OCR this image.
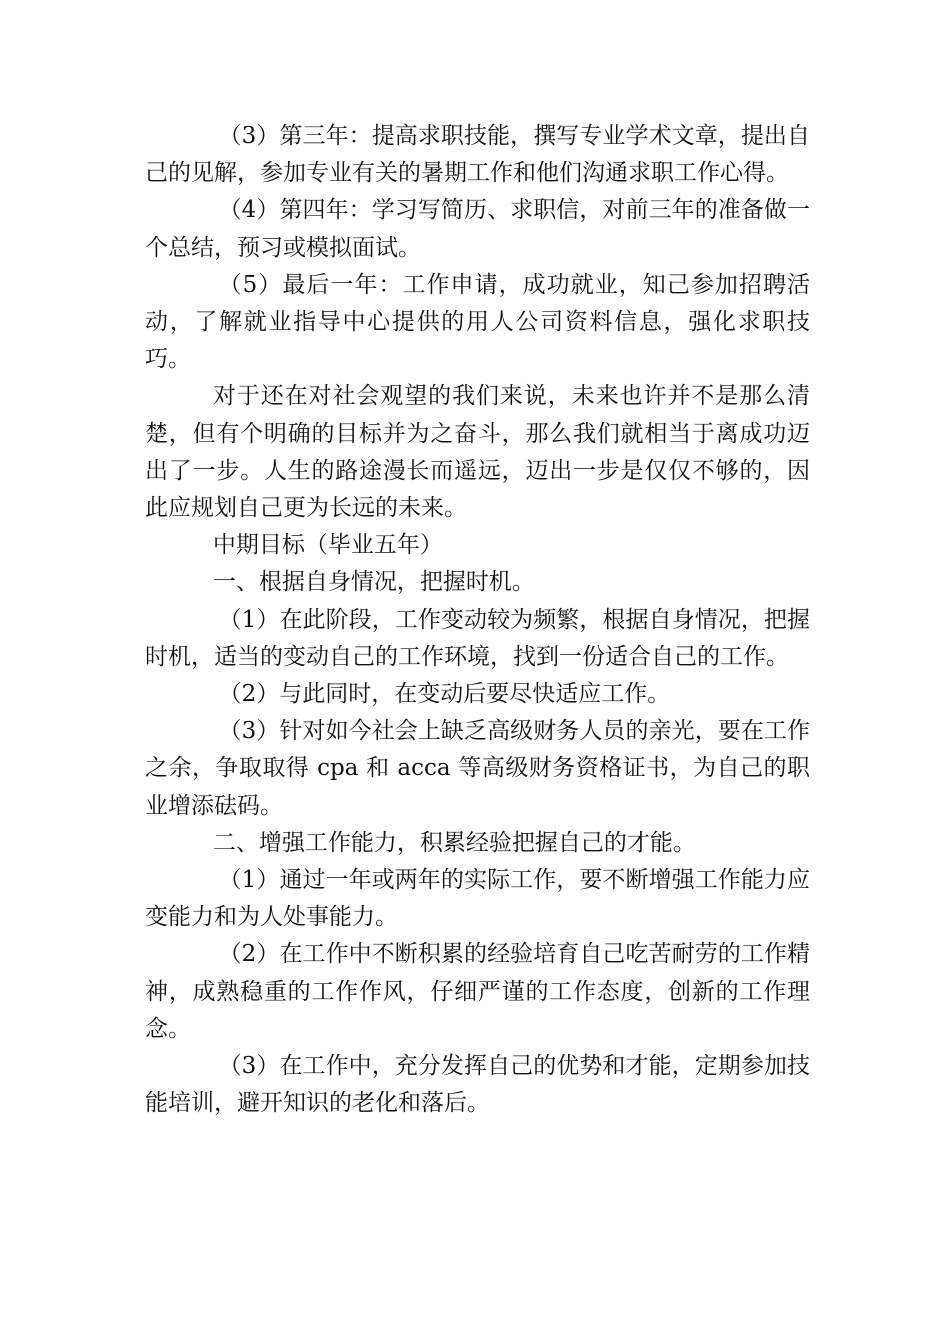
（3）第三年：提高求职技能，撰写专业学术文章，提出自己的见解，参加专业有关的暑期工作和他们沟通求职工作心得。

（4）第四年：学习写简历、求职信，对前三年的准备做一个总结，预习或模拟面试。

（5）最后一年：工作申请，成功就业，知己参加招聘活动，了解就业指导中心提供的用人公司资料信息，强化求职技巧。

对于还在对社会观望的我们来说，未来也许并不是那么清楚，但有个明确的目标并为之奋斗，那么我们就相当于离成功迈出了一步。人生的路途漫长而遥远，迈出一步是仅仅不够的，因此应规划自己更为长远的未来。

中期目标（毕业五年）

一、根据自身情况，把握时机。

（1）在此阶段，工作变动较为频繁，根据自身情况，把握时机，适当的变动自己的工作环境，找到一份适合自己的工作。

（2）与此同时，在变动后要尽快适应工作。

（3）针对如今社会上缺乏高级财务人员的亲光，要在工作之余，争取取得 cpa 和 acca 等高级财务资格证书，为自己的职业增添砝码。

二、增强工作能力，积累经验把握自己的才能。

（1）通过一年或两年的实际工作，要不断增强工作能力应变能力和为人处事能力。

（2）在工作中不断积累的经验培育自己吃苦耐劳的工作精神，成熟稳重的工作作风，仔细严谨的工作态度，创新的工作理念。

（3）在工作中，充分发挥自己的优势和才能，定期参加技能培训，避开知识的老化和落后。
